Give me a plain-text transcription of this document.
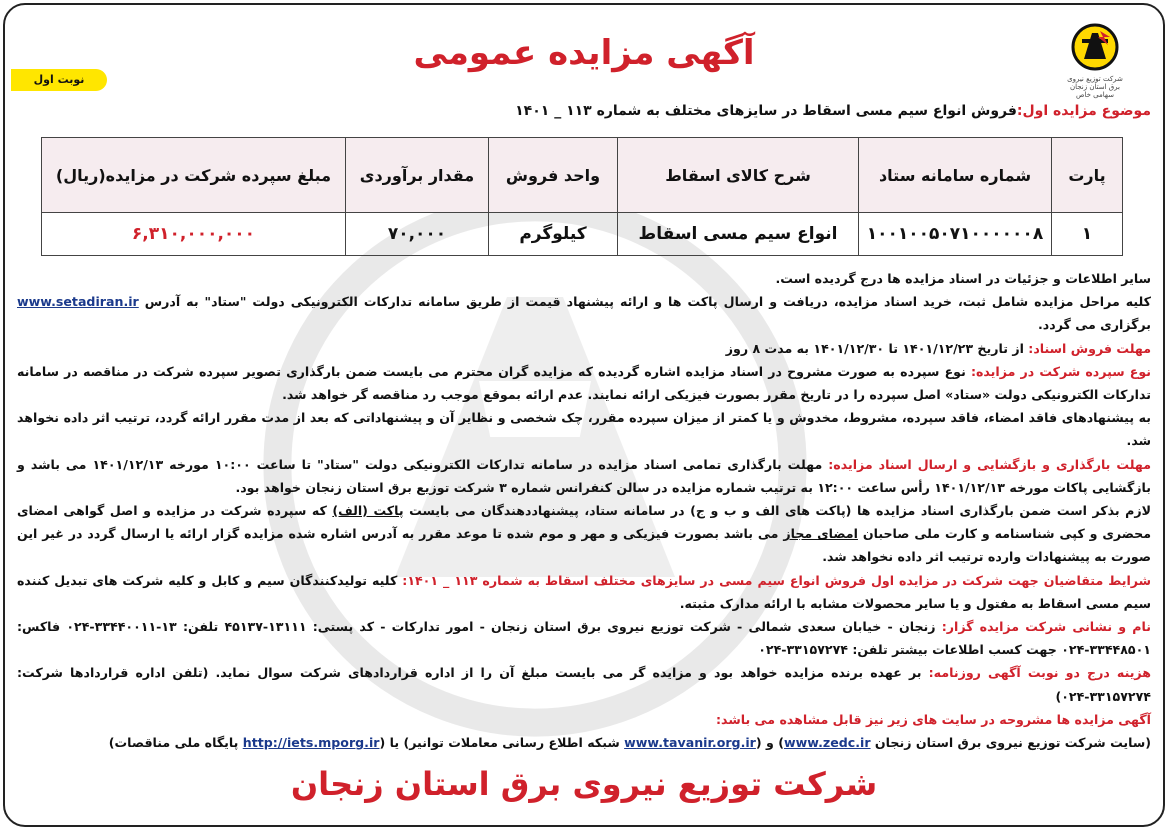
شرکت توزیع نیروی برق استان زنجان
سهامی خاص
آگهی مزایده عمومی
نوبت اول
موضوع مزایده اول:فروش انواع سیم مسی اسقاط در سایزهای مختلف به شماره ۱۱۳ _ ۱۴۰۱
پارت	شماره سامانه ستاد	شرح کالای اسقاط	واحد فروش	مقدار برآوردی	مبلغ سپرده شرکت در مزایده(ریال)
۱	۱۰۰۱۰۰۵۰۷۱۰۰۰۰۰۰۸	انواع سیم مسی اسقاط	کیلوگرم	۷۰,۰۰۰	۶,۳۱۰,۰۰۰,۰۰۰

سایر اطلاعات و جزئیات در اسناد مزایده ها درج گردیده است.

کلیه مراحل مزایده شامل ثبت، خرید اسناد مزایده، دریافت و ارسال پاکت ها و ارائه پیشنهاد قیمت از طریق سامانه تدارکات الکترونیکی دولت "ستاد" به آدرس www.setadiran.ir برگزاری می گردد.

مهلت فروش اسناد: از تاریخ ۱۴۰۱/۱۲/۲۳ تا ۱۴۰۱/۱۲/۳۰ به مدت ۸ روز

نوع سپرده شرکت در مزایده: نوع سپرده به صورت مشروح در اسناد مزایده اشاره گردیده که مزایده گران محترم می بایست ضمن بارگذاری تصویر سپرده شرکت در مناقصه در سامانه تدارکات الکترونیکی دولت «ستاد» اصل سپرده را در تاریخ مقرر بصورت فیزیکی ارائه نمایند. عدم ارائه بموقع موجب رد مناقصه گر خواهد شد.

به پیشنهادهای فاقد امضاء، فاقد سپرده، مشروط، مخدوش و یا کمتر از میزان سپرده مقرر، چک شخصی و نظایر آن و پیشنهاداتی که بعد از مدت مقرر ارائه گردد، ترتیب اثر داده نخواهد شد.

مهلت بارگذاری و بازگشایی و ارسال اسناد مزایده: مهلت بارگذاری تمامی اسناد مزایده در سامانه تدارکات الکترونیکی دولت "ستاد" تا ساعت ۱۰:۰۰ مورخه ۱۴۰۱/۱۲/۱۳ می باشد و بازگشایی پاکات مورخه ۱۴۰۱/۱۲/۱۳ رأس ساعت ۱۲:۰۰ به ترتیب شماره مزایده در سالن کنفرانس شماره ۳ شرکت توزیع برق استان زنجان خواهد بود.

لازم بذکر است ضمن بارگذاری اسناد مزایده ها (پاکت های الف و ب و ج) در سامانه ستاد، پیشنهاددهندگان می بایست پاکت (الف) که سپرده شرکت در مزایده و اصل گواهی امضای محضری و کپی شناسنامه و کارت ملی صاحبان امضای مجاز می باشد بصورت فیزیکی و مهر و موم شده تا موعد مقرر به آدرس اشاره شده مزایده گزار ارائه یا ارسال گردد در غیر این صورت به پیشنهادات وارده ترتیب اثر داده نخواهد شد.

شرایط متقاضیان جهت شرکت در مزایده اول فروش انواع سیم مسی در سایزهای مختلف اسقاط به شماره ۱۱۳ _ ۱۴۰۱: کلیه تولیدکنندگان سیم و کابل و کلیه شرکت های تبدیل کننده سیم مسی اسقاط به مفتول و یا سایر محصولات مشابه با ارائه مدارک مثبته.

نام و نشانی شرکت مزایده گزار: زنجان - خیابان سعدی شمالی - شرکت توزیع نیروی برق استان زنجان - امور تدارکات - کد پستی: ۱۳۱۱۱-۴۵۱۳۷ تلفن: ۱۳-۳۳۴۴۰۰۱۱-۰۲۴ فاکس: ۳۳۴۴۸۵۰۱-۰۲۴ جهت کسب اطلاعات بیشتر تلفن: ۳۳۱۵۷۲۷۴-۰۲۴

هزینه درج دو نوبت آگهی روزنامه: بر عهده برنده مزایده خواهد بود و مزایده گر می بایست مبلغ آن را از اداره قراردادهای شرکت سوال نماید. (تلفن اداره قراردادها شرکت: ۳۳۱۵۷۲۷۴-۰۲۴)

آگهی مزایده ها مشروحه در سایت های زیر نیز قابل مشاهده می باشد:

(سایت شرکت توزیع نیروی برق استان زنجان www.zedc.ir) و (www.tavanir.org.ir شبکه اطلاع رسانی معاملات توانیر) یا (http://iets.mporg.ir پایگاه ملی مناقصات)

شرکت توزیع نیروی برق استان زنجان
